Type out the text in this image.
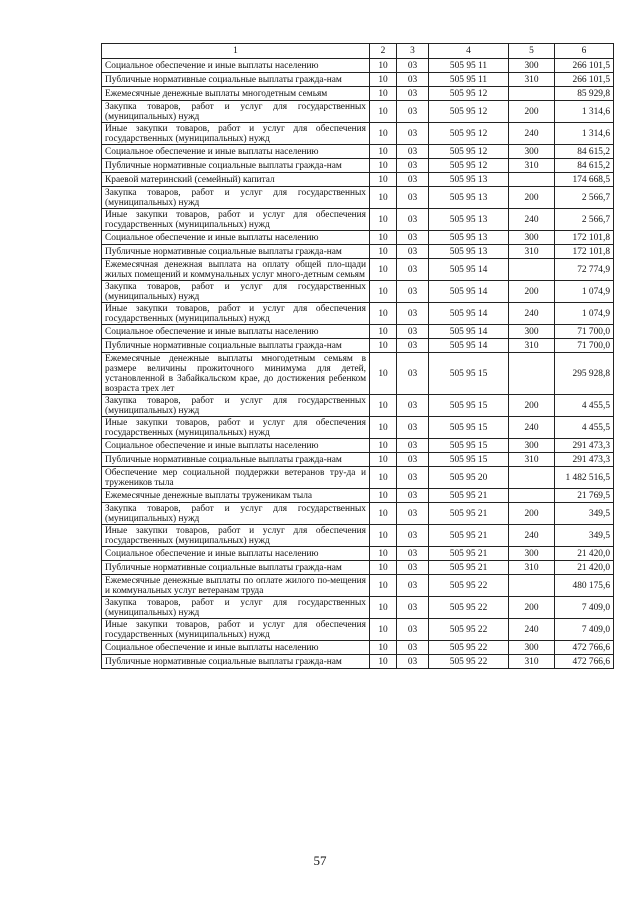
1	2	3	4	5	6
Социальное обеспечение и иные выплаты населению	10	03	505 95 11	300	266 101,5
Публичные нормативные социальные выплаты гражда-нам	10	03	505 95 11	310	266 101,5
Ежемесячные денежные выплаты многодетным семьям	10	03	505 95 12		85 929,8
Закупка товаров, работ и услуг для государственных (муниципальных) нужд	10	03	505 95 12	200	1 314,6
Иные закупки товаров, работ и услуг для обеспечения государственных (муниципальных) нужд	10	03	505 95 12	240	1 314,6
Социальное обеспечение и иные выплаты населению	10	03	505 95 12	300	84 615,2
Публичные нормативные социальные выплаты гражда-нам	10	03	505 95 12	310	84 615,2
Краевой материнский (семейный) капитал	10	03	505 95 13		174 668,5
Закупка товаров, работ и услуг для государственных (муниципальных) нужд	10	03	505 95 13	200	2 566,7
Иные закупки товаров, работ и услуг для обеспечения государственных (муниципальных) нужд	10	03	505 95 13	240	2 566,7
Социальное обеспечение и иные выплаты населению	10	03	505 95 13	300	172 101,8
Публичные нормативные социальные выплаты гражда-нам	10	03	505 95 13	310	172 101,8
Ежемесячная денежная выплата на оплату общей пло-щади жилых помещений и коммунальных услуг много-детным семьям	10	03	505 95 14		72 774,9
Закупка товаров, работ и услуг для государственных (муниципальных) нужд	10	03	505 95 14	200	1 074,9
Иные закупки товаров, работ и услуг для обеспечения государственных (муниципальных) нужд	10	03	505 95 14	240	1 074,9
Социальное обеспечение и иные выплаты населению	10	03	505 95 14	300	71 700,0
Публичные нормативные социальные выплаты гражда-нам	10	03	505 95 14	310	71 700,0
Ежемесячные денежные выплаты многодетным семьям в размере величины прожиточного минимума для детей, установленной в Забайкальском крае, до достижения ребенком возраста трех лет	10	03	505 95 15		295 928,8
Закупка товаров, работ и услуг для государственных (муниципальных) нужд	10	03	505 95 15	200	4 455,5
Иные закупки товаров, работ и услуг для обеспечения государственных (муниципальных) нужд	10	03	505 95 15	240	4 455,5
Социальное обеспечение и иные выплаты населению	10	03	505 95 15	300	291 473,3
Публичные нормативные социальные выплаты гражда-нам	10	03	505 95 15	310	291 473,3
Обеспечение мер социальной поддержки ветеранов тру-да и тружеников тыла	10	03	505 95 20		1 482 516,5
Ежемесячные денежные выплаты труженикам тыла	10	03	505 95 21		21 769,5
Закупка товаров, работ и услуг для государственных (муниципальных) нужд	10	03	505 95 21	200	349,5
Иные закупки товаров, работ и услуг для обеспечения государственных (муниципальных) нужд	10	03	505 95 21	240	349,5
Социальное обеспечение и иные выплаты населению	10	03	505 95 21	300	21 420,0
Публичные нормативные социальные выплаты гражда-нам	10	03	505 95 21	310	21 420,0
Ежемесячные денежные выплаты по оплате жилого по-мещения и коммунальных услуг ветеранам труда	10	03	505 95 22		480 175,6
Закупка товаров, работ и услуг для государственных (муниципальных) нужд	10	03	505 95 22	200	7 409,0
Иные закупки товаров, работ и услуг для обеспечения государственных (муниципальных) нужд	10	03	505 95 22	240	7 409,0
Социальное обеспечение и иные выплаты населению	10	03	505 95 22	300	472 766,6
Публичные нормативные социальные выплаты гражда-нам	10	03	505 95 22	310	472 766,6
57
